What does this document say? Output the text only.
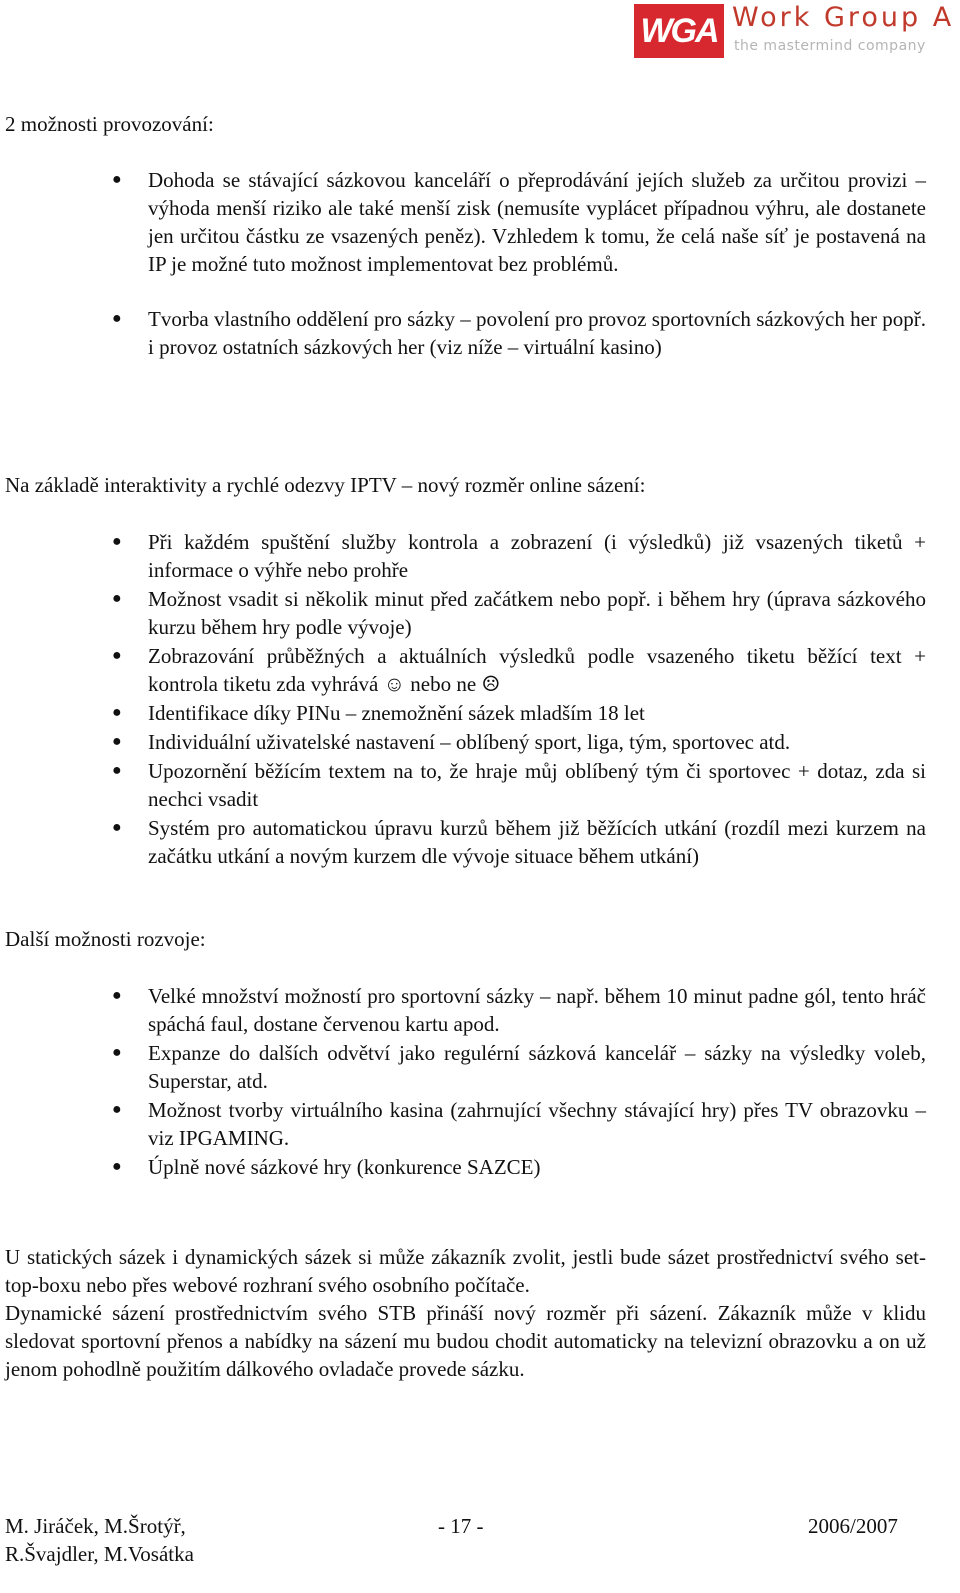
WGA Work Group A
the mastermind company
2 možnosti provozování:
● Dohoda se stávající sázkovou kanceláří o přeprodávání jejích služeb za určitou provizi – výhoda menší riziko ale také menší zisk (nemusíte vyplácet případnou výhru, ale dostanete jen určitou částku ze vsazených peněz). Vzhledem k tomu, že celá naše síť je postavená na IP je možné tuto možnost implementovat bez problémů.
● Tvorba vlastního oddělení pro sázky – povolení pro provoz sportovních sázkových her popř. i provoz ostatních sázkových her (viz níže – virtuální kasino)
Na základě interaktivity a rychlé odezvy IPTV – nový rozměr online sázení:
● Při každém spuštění služby kontrola a zobrazení (i výsledků) již vsazených tiketů + informace o výhře nebo prohře
● Možnost vsadit si několik minut před začátkem nebo popř. i během hry (úprava sázkového kurzu během hry podle vývoje)
● Zobrazování průběžných a aktuálních výsledků podle vsazeného tiketu běžící text + kontrola tiketu zda vyhrává ☺ nebo ne ☹
● Identifikace díky PINu – znemožnění sázek mladším 18 let
● Individuální uživatelské nastavení – oblíbený sport, liga, tým, sportovec atd.
● Upozornění běžícím textem na to, že hraje můj oblíbený tým či sportovec + dotaz, zda si nechci vsadit
● Systém pro automatickou úpravu kurzů během již běžících utkání (rozdíl mezi kurzem na začátku utkání a novým kurzem dle vývoje situace během utkání)
Další možnosti rozvoje:
● Velké množství možností pro sportovní sázky – např. během 10 minut padne gól, tento hráč spáchá faul, dostane červenou kartu apod.
● Expanze do dalších odvětví jako regulérní sázková kancelář – sázky na výsledky voleb, Superstar, atd.
● Možnost tvorby virtuálního kasina (zahrnující všechny stávající hry) přes TV obrazovku – viz IPGAMING.
● Úplně nové sázkové hry (konkurence SAZCE)

U statických sázek i dynamických sázek si může zákazník zvolit, jestli bude sázet prostřednictví svého set-top-boxu nebo přes webové rozhraní svého osobního počítače.

Dynamické sázení prostřednictvím svého STB přináší nový rozměr při sázení. Zákazník může v klidu sledovat sportovní přenos a nabídky na sázení mu budou chodit automaticky na televizní obrazovku a on už jenom pohodlně použitím dálkového ovladače provede sázku.

M. Jiráček, M.Šrotýř,
R.Švajdler, M.Vosátka
- 17 -	2006/2007
